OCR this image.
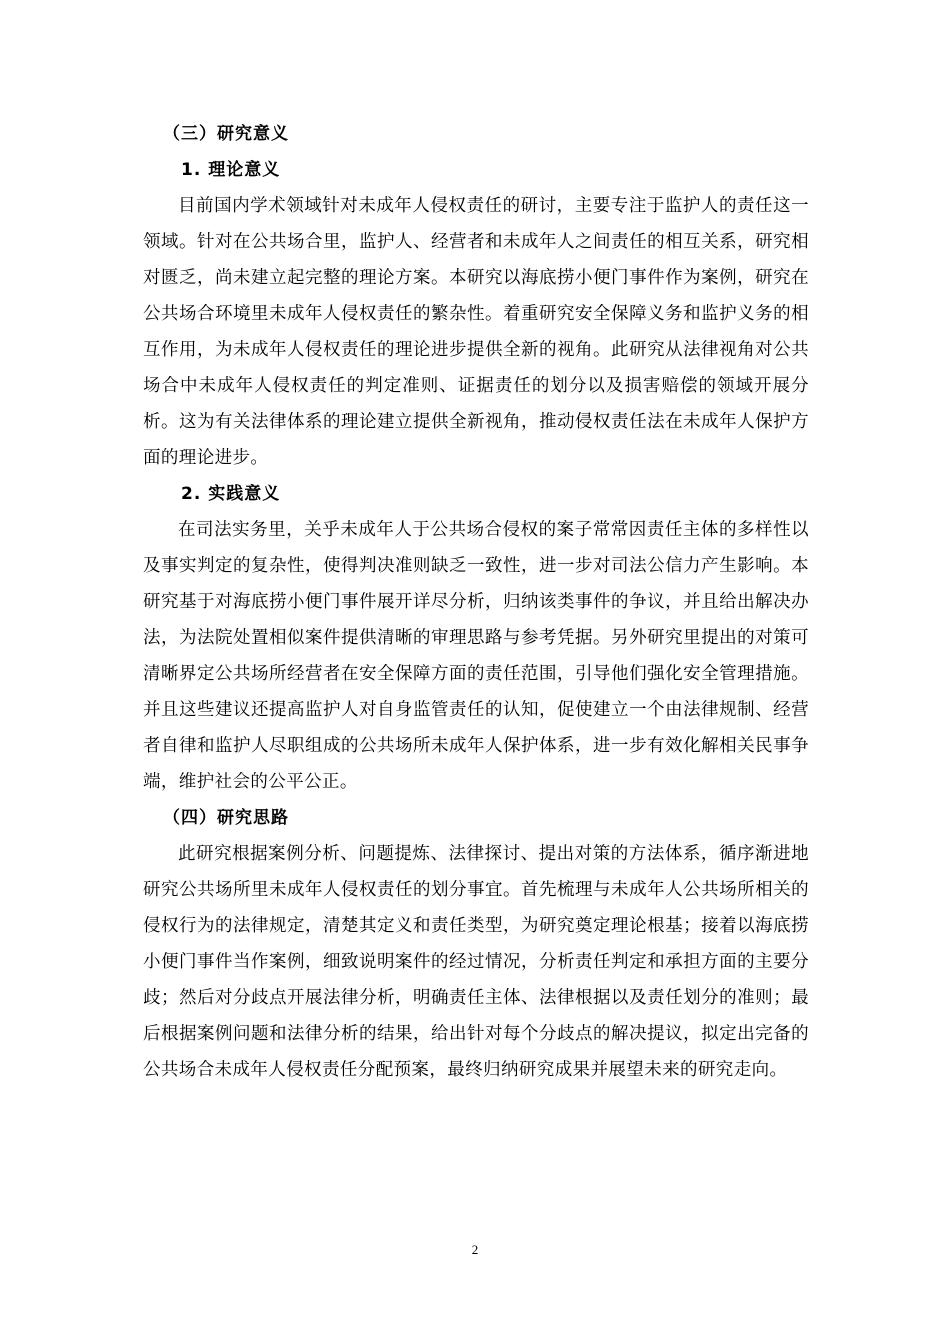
（三）研究意义
1. 理论意义

目前国内学术领域针对未成年人侵权责任的研讨，主要专注于监护人的责任这一领域。针对在公共场合里，监护人、经营者和未成年人之间责任的相互关系，研究相对匮乏，尚未建立起完整的理论方案。本研究以海底捞小便门事件作为案例，研究在公共场合环境里未成年人侵权责任的繁杂性。着重研究安全保障义务和监护义务的相互作用，为未成年人侵权责任的理论进步提供全新的视角。此研究从法律视角对公共场合中未成年人侵权责任的判定准则、证据责任的划分以及损害赔偿的领域开展分析。这为有关法律体系的理论建立提供全新视角，推动侵权责任法在未成年人保护方面的理论进步。

2. 实践意义

在司法实务里，关乎未成年人于公共场合侵权的案子常常因责任主体的多样性以及事实判定的复杂性，使得判决准则缺乏一致性，进一步对司法公信力产生影响。本研究基于对海底捞小便门事件展开详尽分析，归纳该类事件的争议，并且给出解决办法，为法院处置相似案件提供清晰的审理思路与参考凭据。另外研究里提出的对策可清晰界定公共场所经营者在安全保障方面的责任范围，引导他们强化安全管理措施。并且这些建议还提高监护人对自身监管责任的认知，促使建立一个由法律规制、经营者自律和监护人尽职组成的公共场所未成年人保护体系，进一步有效化解相关民事争端，维护社会的公平公正。

（四）研究思路

此研究根据案例分析、问题提炼、法律探讨、提出对策的方法体系，循序渐进地研究公共场所里未成年人侵权责任的划分事宜。首先梳理与未成年人公共场所相关的侵权行为的法律规定，清楚其定义和责任类型，为研究奠定理论根基；接着以海底捞小便门事件当作案例，细致说明案件的经过情况，分析责任判定和承担方面的主要分歧；然后对分歧点开展法律分析，明确责任主体、法律根据以及责任划分的准则；最后根据案例问题和法律分析的结果，给出针对每个分歧点的解决提议，拟定出完备的公共场合未成年人侵权责任分配预案，最终归纳研究成果并展望未来的研究走向。

2
